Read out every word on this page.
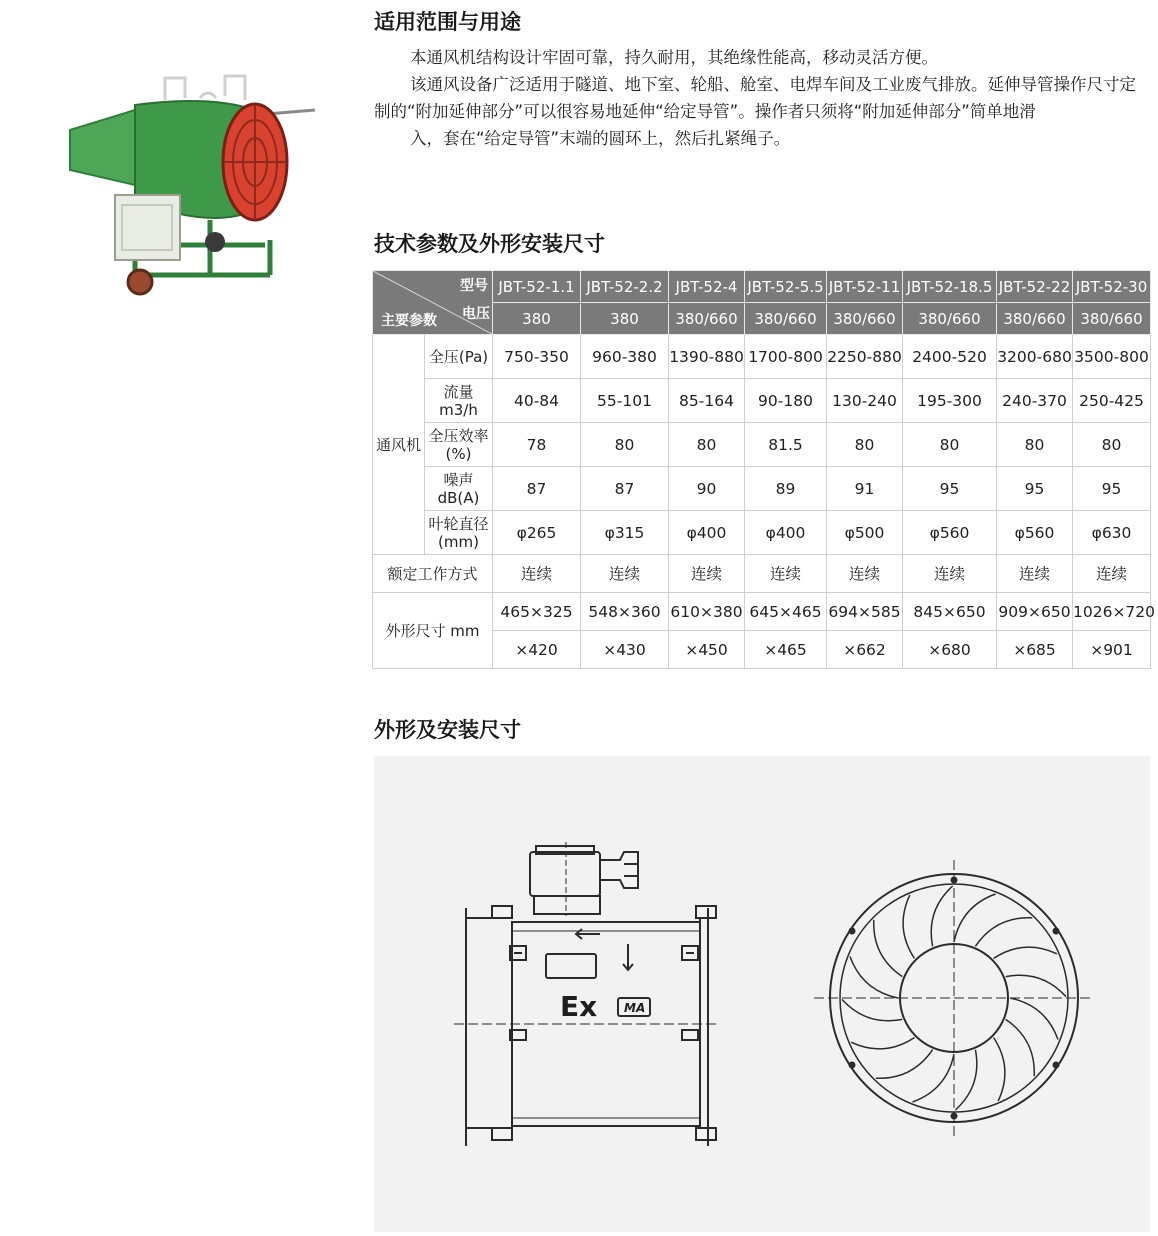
适用范围与用途

本通风机结构设计牢固可靠，持久耐用，其绝缘性能高，移动灵活方便。

该通风设备广泛适用于隧道、地下室、轮船、舱室、电焊车间及工业废气排放。延伸导管操作尺寸定制的“附加延伸部分”可以很容易地延伸“给定导管”。操作者只须将“附加延伸部分”简单地滑

入，套在“给定导管”末端的圆环上，然后扎紧绳子。

技术参数及外形安装尺寸
型号
电压
主要参数		JBT-52-1.1	JBT-52-2.2	JBT-52-4	JBT-52-5.5	JBT-52-11	JBT-52-18.5	JBT-52-22	JBT-52-30
		380	380	380/660	380/660	380/660	380/660	380/660	380/660
通风机	全压(Pa)	750-350	960-380	1390-880	1700-800	2250-880	2400-520	3200-680	3500-800
	流量m3/h	40-84	55-101	85-164	90-180	130-240	195-300	240-370	250-425
	全压效率(%)	78	80	80	81.5	80	80	80	80
	噪声dB(A)	87	87	90	89	91	95	95	95
	叶轮直径(mm)	φ265	φ315	φ400	φ400	φ500	φ560	φ560	φ630
额定工作方式		连续	连续	连续	连续	连续	连续	连续	连续
外形尺寸 mm		465×325	548×360	610×380	645×465	694×585	845×650	909×650	1026×720
		×420	×430	×450	×465	×662	×680	×685	×901
外形及安装尺寸
Ex MA
